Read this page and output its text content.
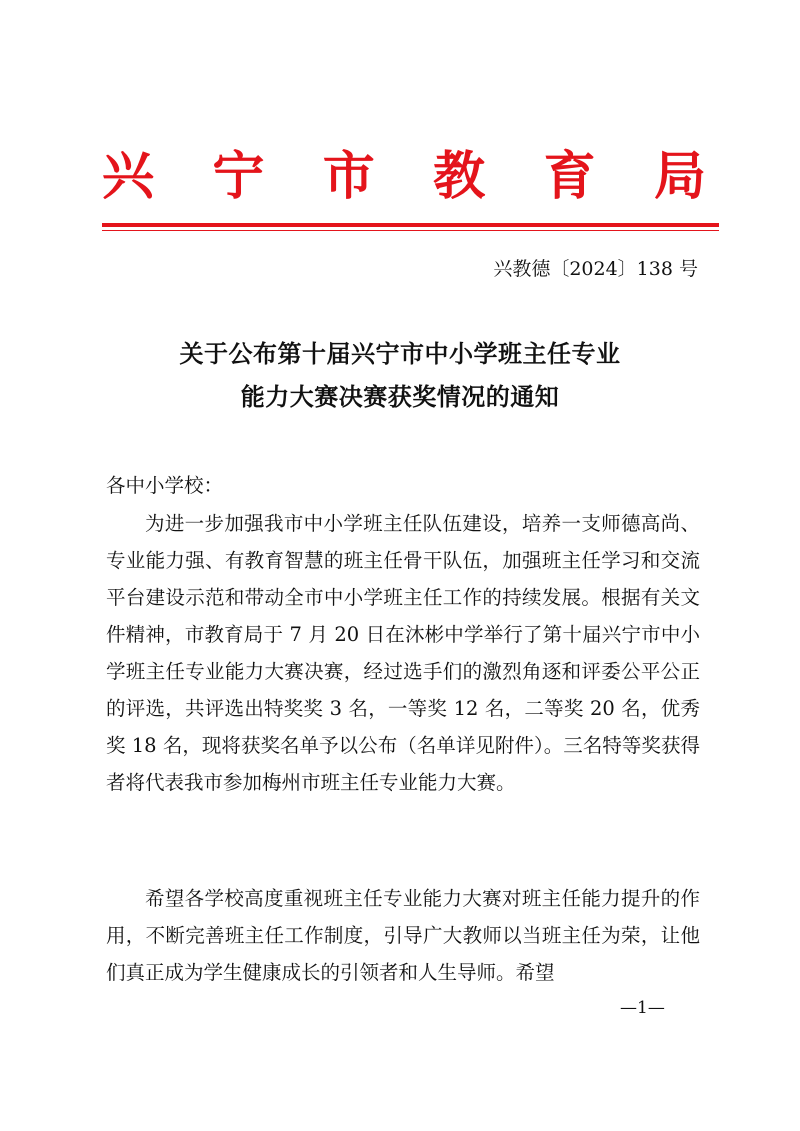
兴 宁 市 教 育 局
兴教德〔2024〕138 号
关于公布第十届兴宁市中小学班主任专业
能力大赛决赛获奖情况的通知
各中小学校：

为进一步加强我市中小学班主任队伍建设，培养一支师德高尚、专业能力强、有教育智慧的班主任骨干队伍，加强班主任学习和交流平台建设示范和带动全市中小学班主任工作的持续发展。根据有关文件精神，市教育局于 7 月 20 日在沐彬中学举行了第十届兴宁市中小学班主任专业能力大赛决赛，经过选手们的激烈角逐和评委公平公正的评选，共评选出特奖奖 3 名，一等奖 12 名，二等奖 20 名，优秀奖 18 名，现将获奖名单予以公布（名单详见附件）。三名特等奖获得者将代表我市参加梅州市班主任专业能力大赛。

希望各学校高度重视班主任专业能力大赛对班主任能力提升的作用，不断完善班主任工作制度，引导广大教师以当班主任为荣，让他们真正成为学生健康成长的引领者和人生导师。希望

—1—
